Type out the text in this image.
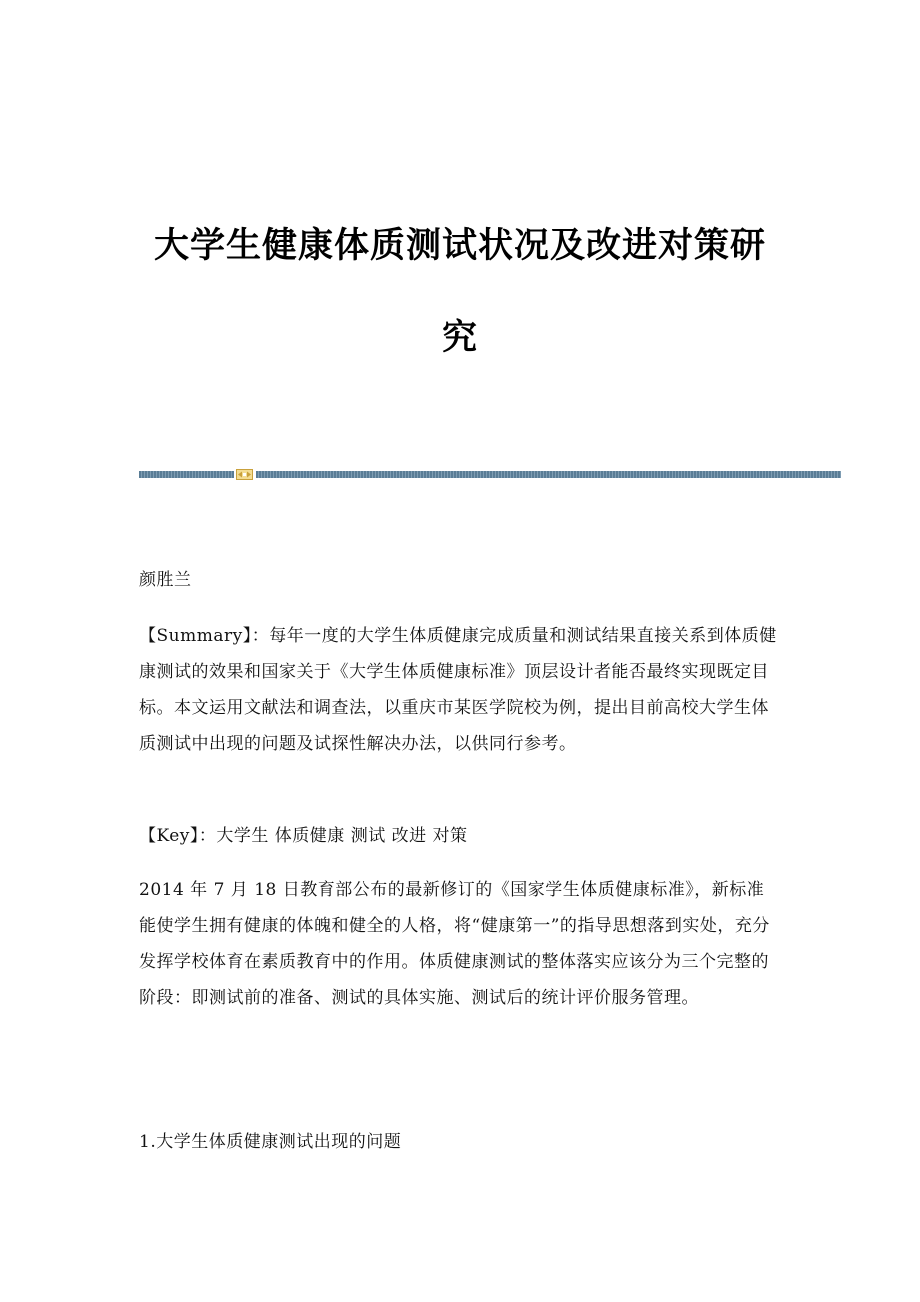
大学生健康体质测试状况及改进对策研
究

颜胜兰

【Summary】：每年一度的大学生体质健康完成质量和测试结果直接关系到体质健康测试的效果和国家关于《大学生体质健康标准》顶层设计者能否最终实现既定目标。本文运用文献法和调查法，以重庆市某医学院校为例，提出目前高校大学生体质测试中出现的问题及试探性解决办法，以供同行参考。

【Key】：大学生 体质健康 测试 改进 对策

2014 年 7 月 18 日教育部公布的最新修订的《国家学生体质健康标准》，新标准能使学生拥有健康的体魄和健全的人格，将“健康第一”的指导思想落到实处，充分发挥学校体育在素质教育中的作用。体质健康测试的整体落实应该分为三个完整的阶段：即测试前的准备、测试的具体实施、测试后的统计评价服务管理。

1.大学生体质健康测试出现的问题
